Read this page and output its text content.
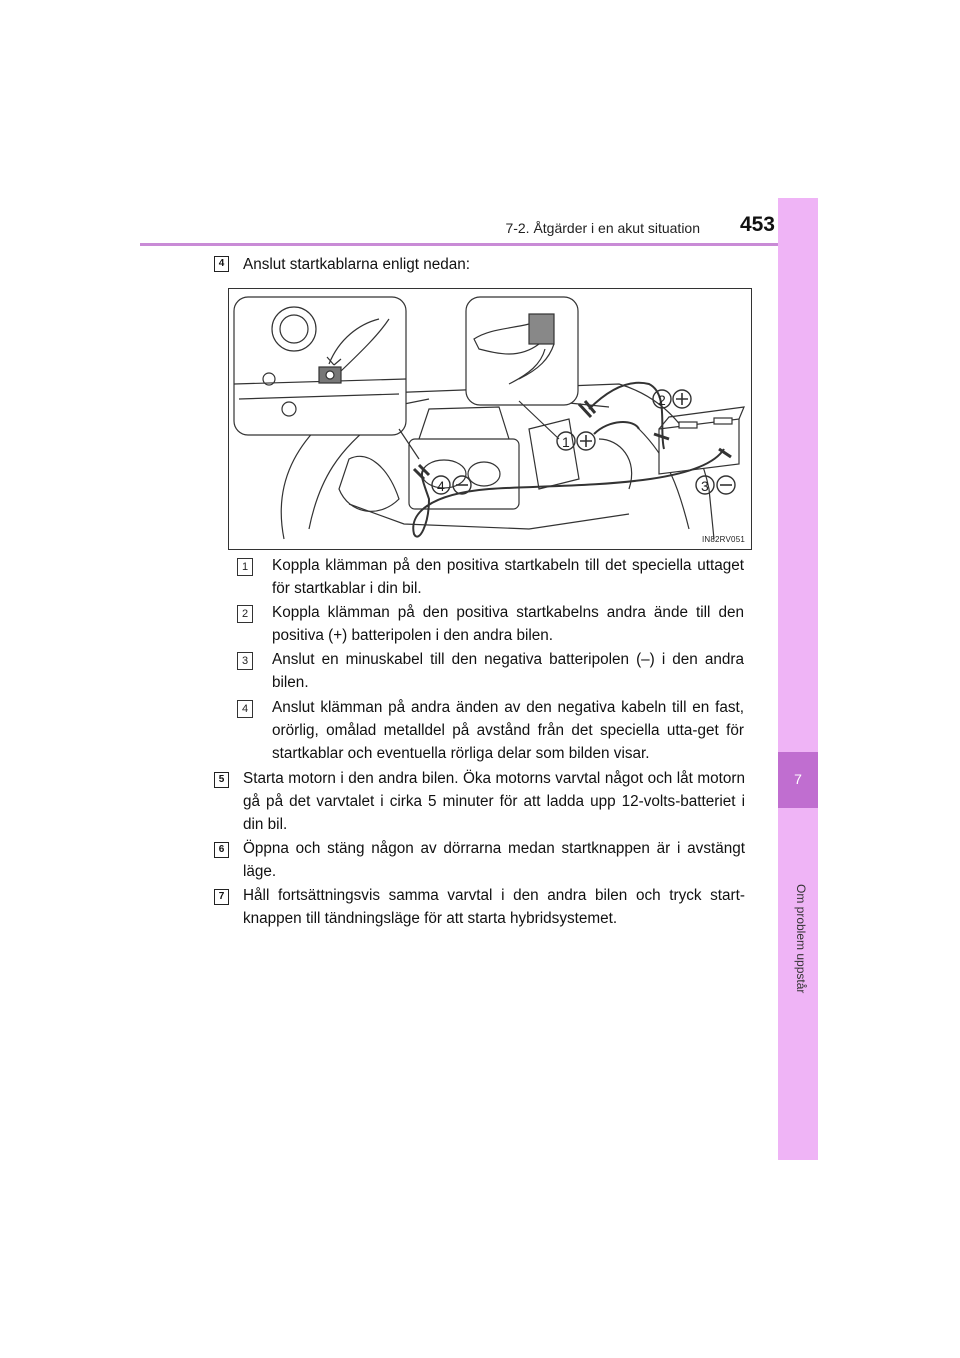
7-2. Åtgärder i en akut situation	453
7
Om problem uppstår
4	Anslut startkablarna enligt nedan:
1
2
3
4
IN82RV051
1	Koppla klämman på den positiva startkabeln till det speciella uttaget för startkablar i din bil.
2	Koppla klämman på den positiva startkabelns andra ände till den positiva (+) batteripolen i den andra bilen.
3	Anslut en minuskabel till den negativa batteripolen (–) i den andra bilen.
4	Anslut klämman på andra änden av den negativa kabeln till en fast, orörlig, omålad metalldel på avstånd från det speciella utta-get för startkablar och eventuella rörliga delar som bilden visar.
5	Starta motorn i den andra bilen. Öka motorns varvtal något och låt motorn gå på det varvtalet i cirka 5 minuter för att ladda upp 12-volts-batteriet i din bil.
6	Öppna och stäng någon av dörrarna medan startknappen är i avstängt läge.
7	Håll fortsättningsvis samma varvtal i den andra bilen och tryck start-knappen till tändningsläge för att starta hybridsystemet.
